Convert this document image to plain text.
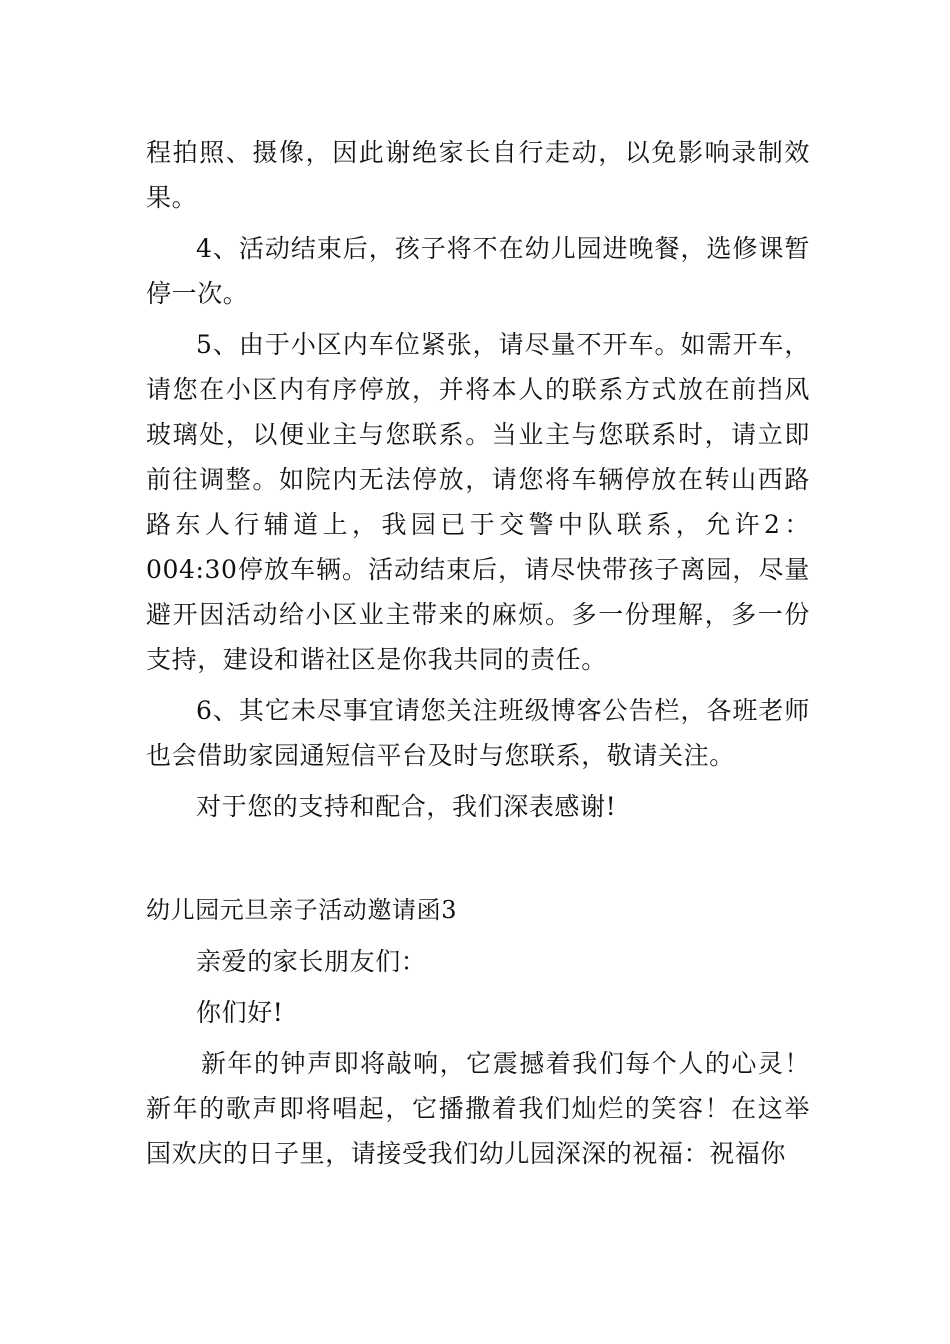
程拍照、摄像，因此谢绝家长自行走动，以免影响录制效果。

4、活动结束后，孩子将不在幼儿园进晚餐，选修课暂停一次。

5、由于小区内车位紧张，请尽量不开车。如需开车，请您在小区内有序停放，并将本人的联系方式放在前挡风玻璃处，以便业主与您联系。当业主与您联系时，请立即前往调整。如院内无法停放，请您将车辆停放在转山西路路东人行辅道上，我园已于交警中队联系，允许2：004:30停放车辆。活动结束后，请尽快带孩子离园，尽量避开因活动给小区业主带来的麻烦。多一份理解，多一份支持，建设和谐社区是你我共同的责任。

6、其它未尽事宜请您关注班级博客公告栏，各班老师也会借助家园通短信平台及时与您联系，敬请关注。

对于您的支持和配合，我们深表感谢!

幼儿园元旦亲子活动邀请函3

亲爱的家长朋友们：

你们好!

新年的钟声即将敲响，它震撼着我们每个人的心灵！新年的歌声即将唱起，它播撒着我们灿烂的笑容！在这举国欢庆的日子里，请接受我们幼儿园深深的祝福：祝福你
